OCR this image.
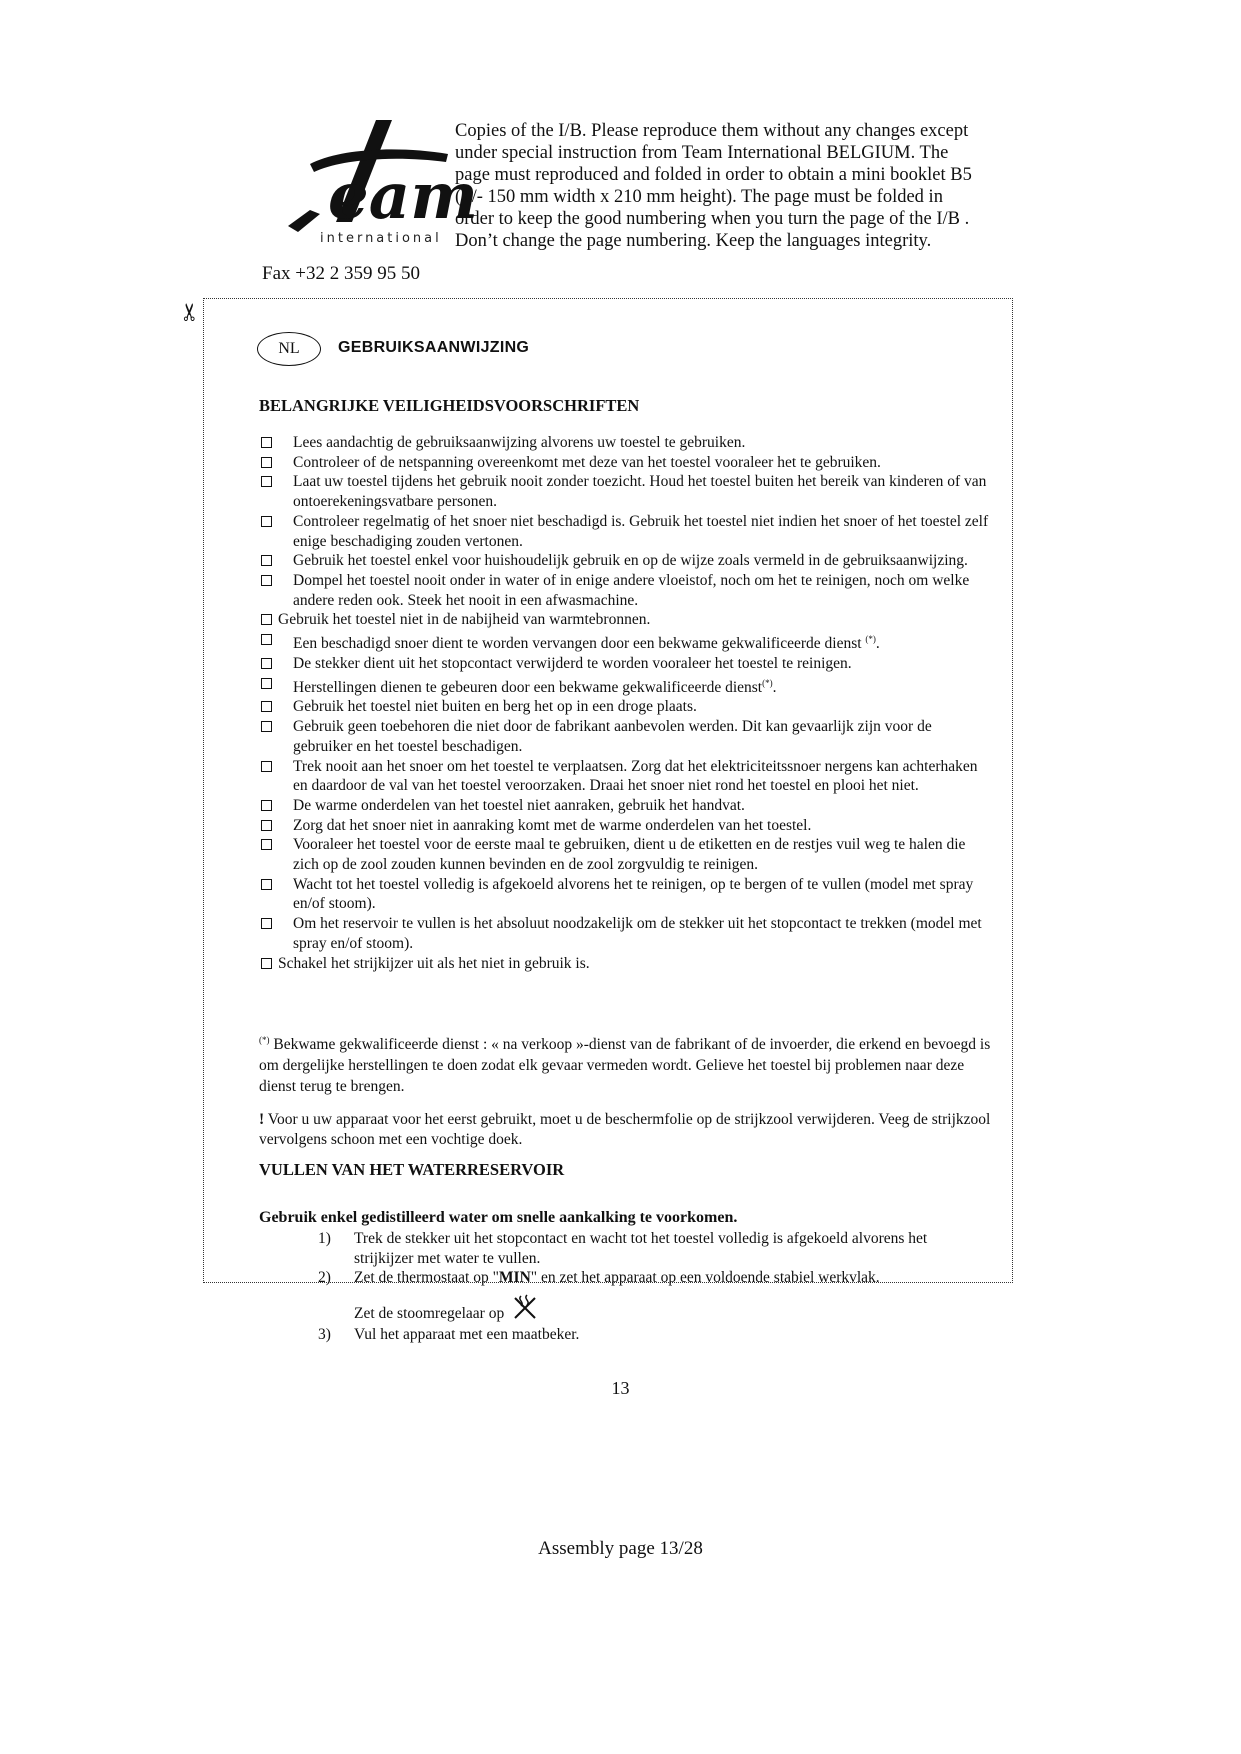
eam
international
Fax +32 2 359 95 50
Copies of the I/B. Please reproduce them without any changes except under special instruction from Team International BELGIUM. The page must reproduced and folded in order to obtain a mini booklet B5 (+/- 150 mm width x 210 mm height). The page must be folded in order to keep the good numbering when you turn the page of the I/B . Don’t change the page numbering. Keep the languages integrity.
✂
NL	GEBRUIKSAANWIJZING
BELANGRIJKE VEILIGHEIDSVOORSCHRIFTEN
Lees aandachtig de gebruiksaanwijzing alvorens uw toestel te gebruiken.
Controleer of de netspanning overeenkomt met deze van het toestel vooraleer het te gebruiken.
Laat uw toestel tijdens het gebruik nooit zonder toezicht. Houd het toestel buiten het bereik van kinderen of van ontoerekeningsvatbare personen.
Controleer regelmatig of het snoer niet beschadigd is. Gebruik het toestel niet indien het snoer of het toestel zelf enige beschadiging zouden vertonen.
Gebruik het toestel enkel voor huishoudelijk gebruik en op de wijze zoals vermeld in de gebruiksaanwijzing.
Dompel het toestel nooit onder in water of in enige andere vloeistof, noch om het te reinigen, noch om welke andere reden ook. Steek het nooit in een afwasmachine.
Gebruik het toestel niet in de nabijheid van warmtebronnen.
Een beschadigd snoer dient te worden vervangen door een bekwame gekwalificeerde dienst (*).
De stekker dient uit het stopcontact verwijderd te worden vooraleer het toestel te reinigen.
Herstellingen dienen te gebeuren door een bekwame gekwalificeerde dienst(*).
Gebruik het toestel niet buiten en berg het op in een droge plaats.
Gebruik geen toebehoren die niet door de fabrikant aanbevolen werden. Dit kan gevaarlijk zijn voor de gebruiker en het toestel beschadigen.
Trek nooit aan het snoer om het toestel te verplaatsen. Zorg dat het elektriciteitssnoer nergens kan achterhaken en daardoor de val van het toestel veroorzaken. Draai het snoer niet rond het toestel en plooi het niet.
De warme onderdelen van het toestel niet aanraken, gebruik het handvat.
Zorg dat het snoer niet in aanraking komt met de warme onderdelen van het toestel.
Vooraleer het toestel voor de eerste maal te gebruiken, dient u de etiketten en de restjes vuil weg te halen die zich op de zool zouden kunnen bevinden en de zool zorgvuldig te reinigen.
Wacht tot het toestel volledig is afgekoeld alvorens het te reinigen, op te bergen of te vullen (model met spray en/of stoom).
Om het reservoir te vullen is het absoluut noodzakelijk om de stekker uit het stopcontact te trekken (model met spray en/of stoom).
Schakel het strijkijzer uit als het niet in gebruik is.

(*) Bekwame gekwalificeerde dienst : « na verkoop »-dienst van de fabrikant of de invoerder, die erkend en bevoegd is om dergelijke herstellingen te doen zodat elk gevaar vermeden wordt. Gelieve het toestel bij problemen naar deze dienst terug te brengen.

! Voor u uw apparaat voor het eerst gebruikt, moet u de beschermfolie op de strijkzool verwijderen. Veeg de strijkzool vervolgens schoon met een vochtige doek.

VULLEN VAN HET WATERRESERVOIR
Gebruik enkel gedistilleerd water om snelle aankalking te voorkomen.
1) Trek de stekker uit het stopcontact en wacht tot het toestel volledig is afgekoeld alvorens het strijkijzer met water te vullen.
2) Zet de thermostaat op "MIN" en zet het apparaat op een voldoende stabiel werkvlak.
Zet de stoomregelaar op
3) Vul het apparaat met een maatbeker.
13
Assembly page 13/28
